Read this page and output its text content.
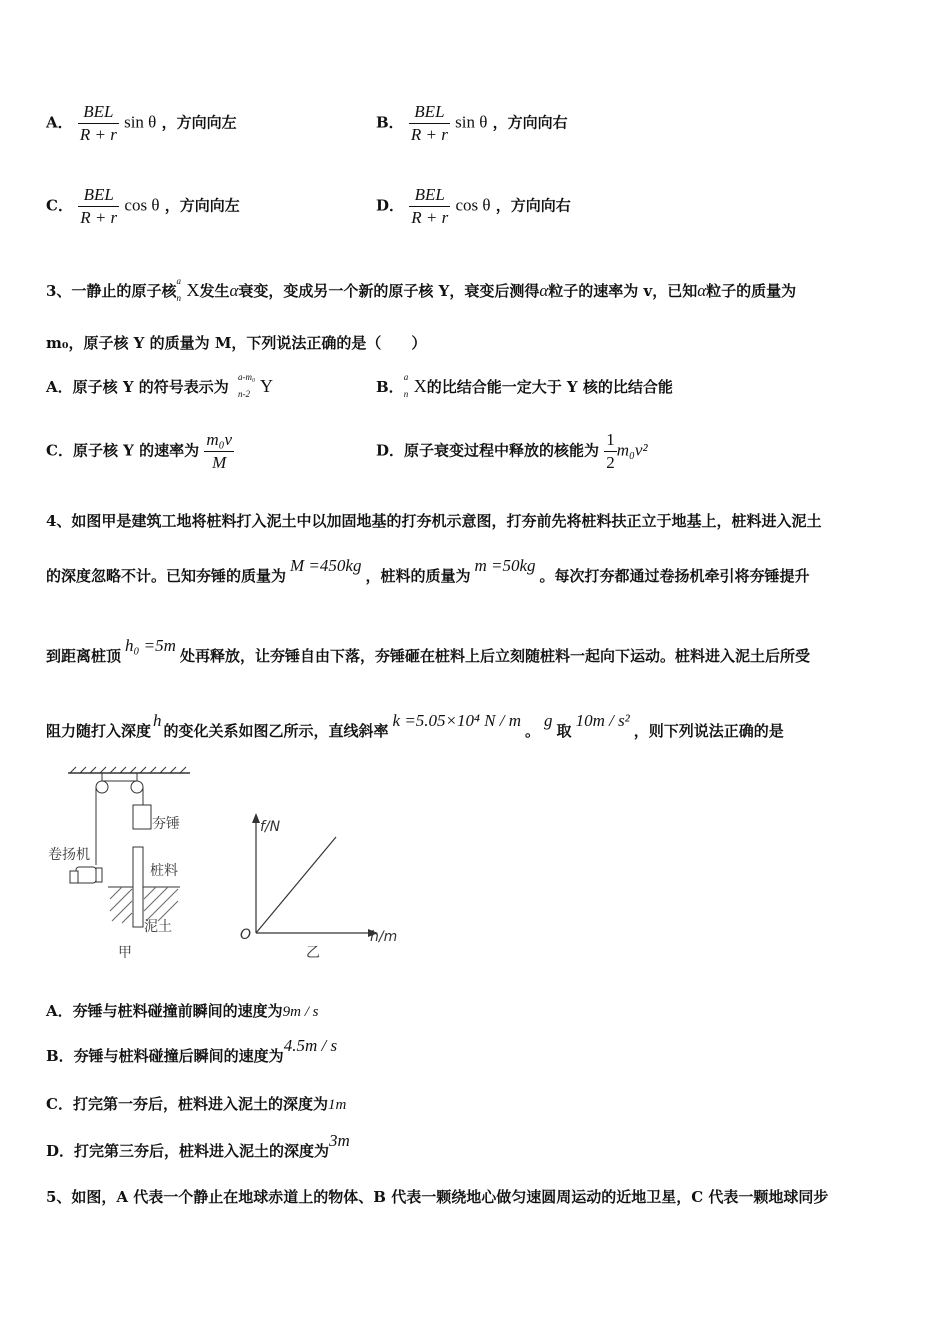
A． $\frac{\text{BEL}}{R + r}$ sin θ ，方向向左	B． $\frac{\text{BEL}}{R + r}$ sin θ ，方向向右
C． $\frac{\text{BEL}}{R + r}$ cos θ ，方向向左	D． $\frac{\text{BEL}}{R + r}$ cos θ ，方向向右
3、一静止的原子核
a
n X发生α衰变，变成另一个新的原子核 Y，衰变后测得α粒子的速率为 v，已知α粒子的质量为
m₀，原子核 Y 的质量为 M，下列说法正确的是（　　）
A．原子核 Y 的符号表示为
a-m₀
n-2 Y	B．
a
n X的比结合能一定大于 Y 核的比结合能
C．原子核 Y 的速率为 $\frac{\text{m₀v}}{M}$	D．原子衰变过程中释放的核能为 $\frac{1}{2} m_0v^2$
4、如图甲是建筑工地将桩料打入泥土中以加固地基的打夯机示意图，打夯前先将桩料扶正立于地基上，桩料进入泥土
的深度忽略不计。已知夯锤的质量为M =450kg，桩料的质量为m =50kg。每次打夯都通过卷扬机牵引将夯锤提升
到距离桩顶h₀ =5m处再释放，让夯锤自由下落，夯锤砸在桩料上后立刻随桩料一起向下运动。桩料进入泥土后所受
阻力随打入深度h的变化关系如图乙所示，直线斜率k =5.05×10⁴ N / m。g取10m / s²，则下列说法正确的是
夯锤
卷扬机
桩料
泥土
甲
f/N
h/m
O
乙
A．夯锤与桩料碰撞前瞬间的速度为9m / s
B．夯锤与桩料碰撞后瞬间的速度为4.5m / s
C．打完第一夯后，桩料进入泥土的深度为1m
D．打完第三夯后，桩料进入泥土的深度为3m
5、如图，A 代表一个静止在地球赤道上的物体、B 代表一颗绕地心做匀速圆周运动的近地卫星，C 代表一颗地球同步
